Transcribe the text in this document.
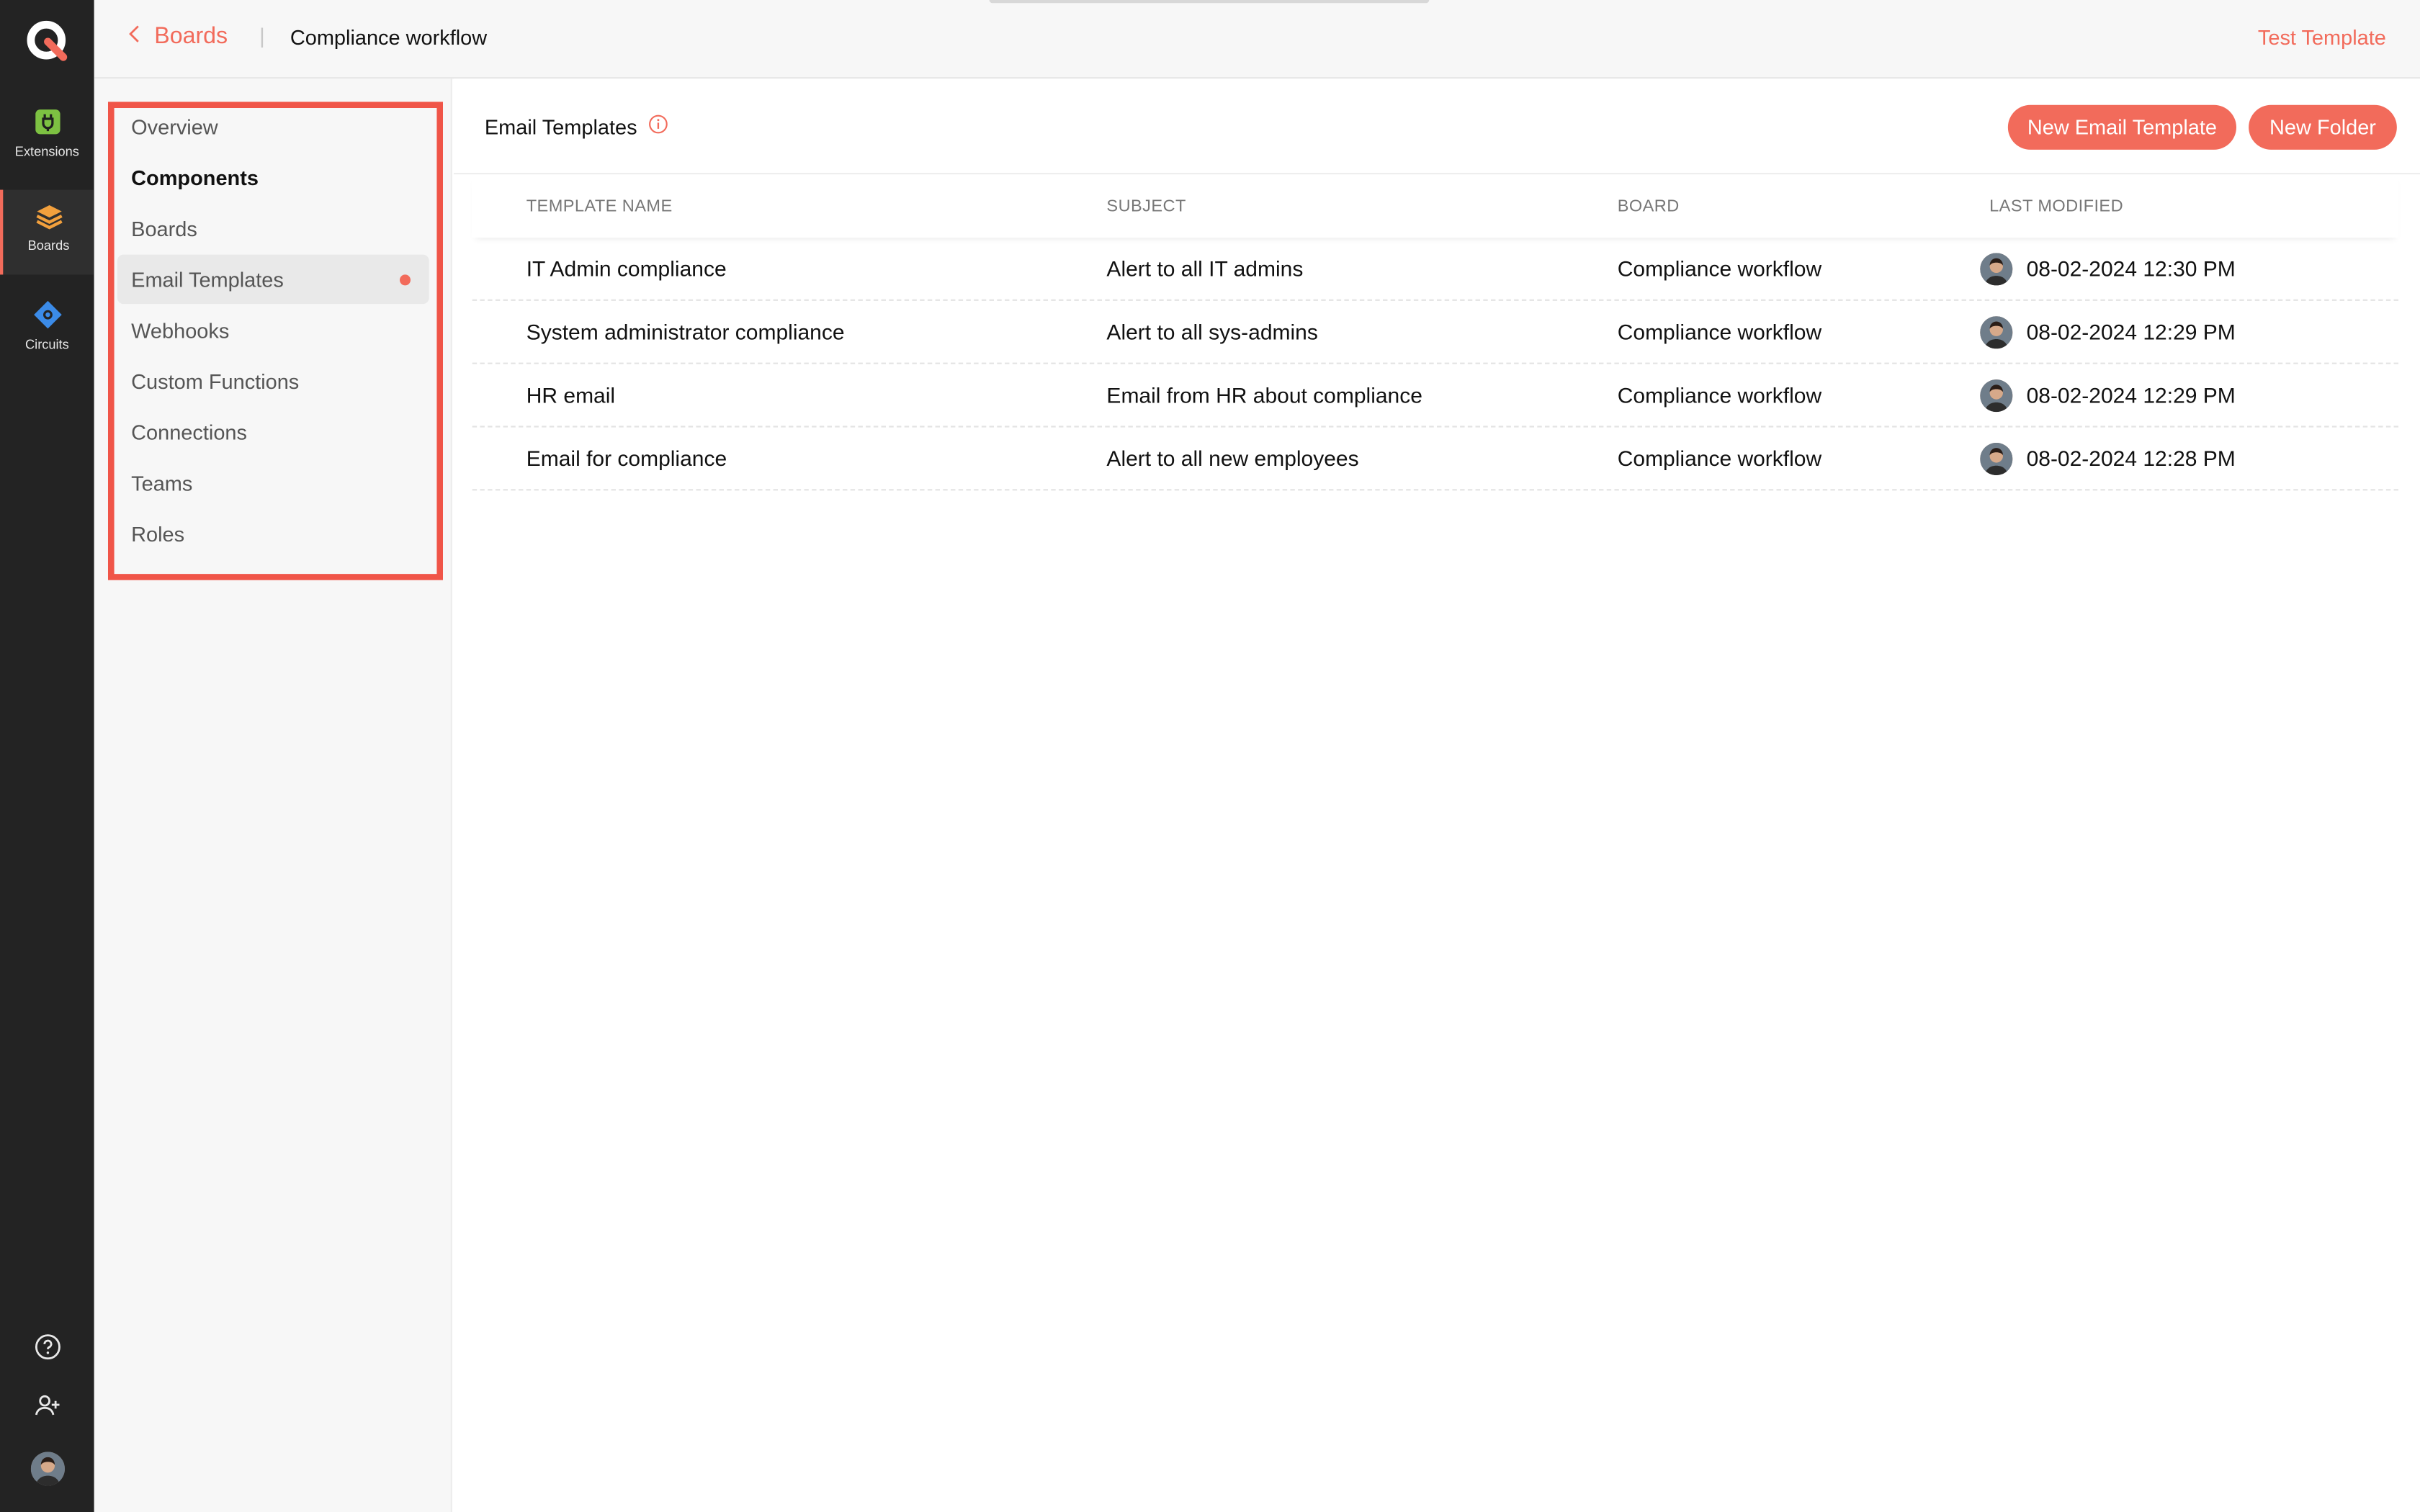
Extensions
Boards
Circuits
Boards	|	Compliance workflow	Test Template
Overview
Components
Boards
Email Templates
Webhooks
Custom Functions
Connections
Teams
Roles
Email Templates	New Email Template	New Folder
TEMPLATE NAME	SUBJECT	BOARD	LAST MODIFIED
IT Admin compliance	Alert to all IT admins	Compliance workflow	08-02-2024 12:30 PM
System administrator compliance	Alert to all sys-admins	Compliance workflow	08-02-2024 12:29 PM
HR email	Email from HR about compliance	Compliance workflow	08-02-2024 12:29 PM
Email for compliance	Alert to all new employees	Compliance workflow	08-02-2024 12:28 PM
